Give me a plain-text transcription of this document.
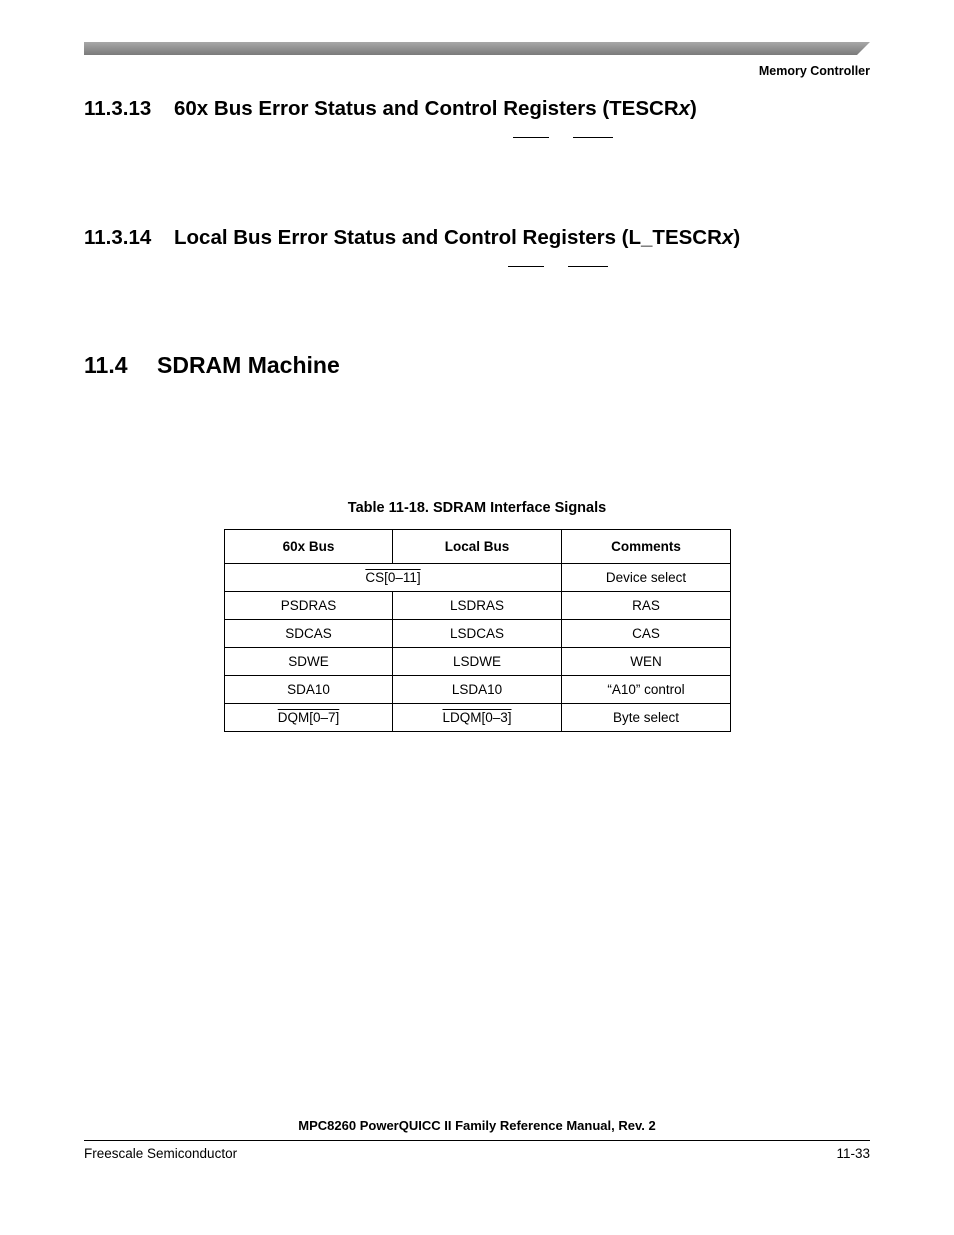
Memory Controller
11.3.13 60x Bus Error Status and Control Registers (TESCRx)
11.3.14 Local Bus Error Status and Control Registers (L_TESCRx)
11.4 SDRAM Machine
Table 11-18. SDRAM Interface Signals
60x Bus	Local Bus	Comments
CS[0–11]		Device select
PSDRAS	LSDRAS	RAS
SDCAS	LSDCAS	CAS
SDWE	LSDWE	WEN
SDA10	LSDA10	“A10” control
DQM[0–7]	LDQM[0–3]	Byte select
MPC8260 PowerQUICC II Family Reference Manual, Rev. 2
Freescale Semiconductor	11-33
